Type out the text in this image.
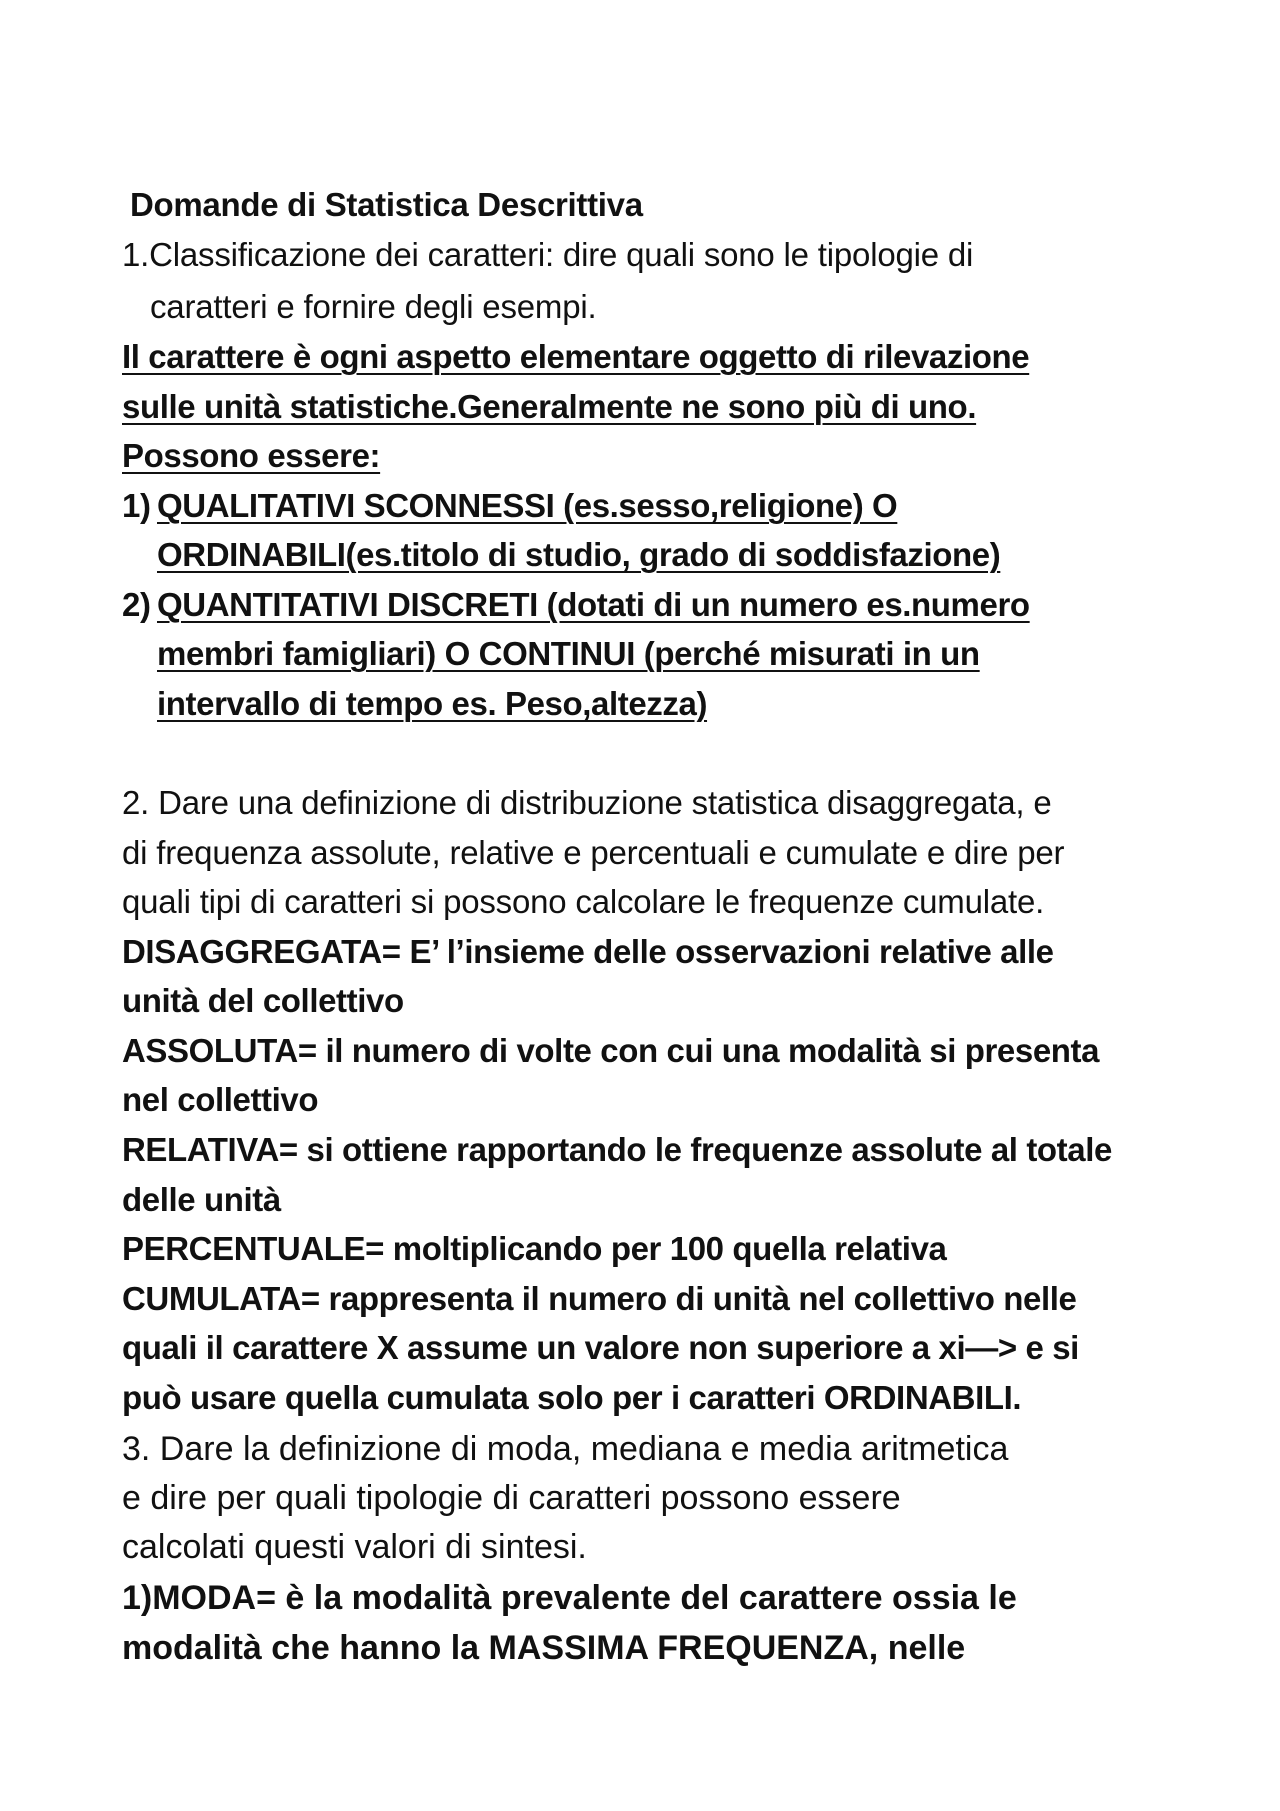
Domande di Statistica Descrittiva

1.Classificazione dei caratteri: dire quali sono le tipologie di

caratteri e fornire degli esempi.

Il carattere è ogni aspetto elementare oggetto di rilevazione

sulle unità statistiche.Generalmente ne sono più di uno.

Possono essere:

1) QUALITATIVI SCONNESSI (es.sesso,religione) O

ORDINABILI(es.titolo di studio, grado di soddisfazione)

2) QUANTITATIVI DISCRETI (dotati di un numero es.numero

membri famigliari) O CONTINUI (perché misurati in un

intervallo di tempo es. Peso,altezza)

2. Dare una definizione di distribuzione statistica disaggregata, e

di frequenza assolute, relative e percentuali e cumulate e dire per

quali tipi di caratteri si possono calcolare le frequenze cumulate.

DISAGGREGATA= E’ l’insieme delle osservazioni relative alle

unità del collettivo

ASSOLUTA= il numero di volte con cui una modalità si presenta

nel collettivo

RELATIVA= si ottiene rapportando le frequenze assolute al totale

delle unità

PERCENTUALE= moltiplicando per 100 quella relativa

CUMULATA= rappresenta il numero di unità nel collettivo nelle

quali il carattere X assume un valore non superiore a xi—> e si

può usare quella cumulata solo per i caratteri ORDINABILI.

3. Dare la definizione di moda, mediana e media aritmetica

e dire per quali tipologie di caratteri possono essere

calcolati questi valori di sintesi.

1)MODA= è la modalità prevalente del carattere ossia le

modalità che hanno la MASSIMA FREQUENZA, nelle
